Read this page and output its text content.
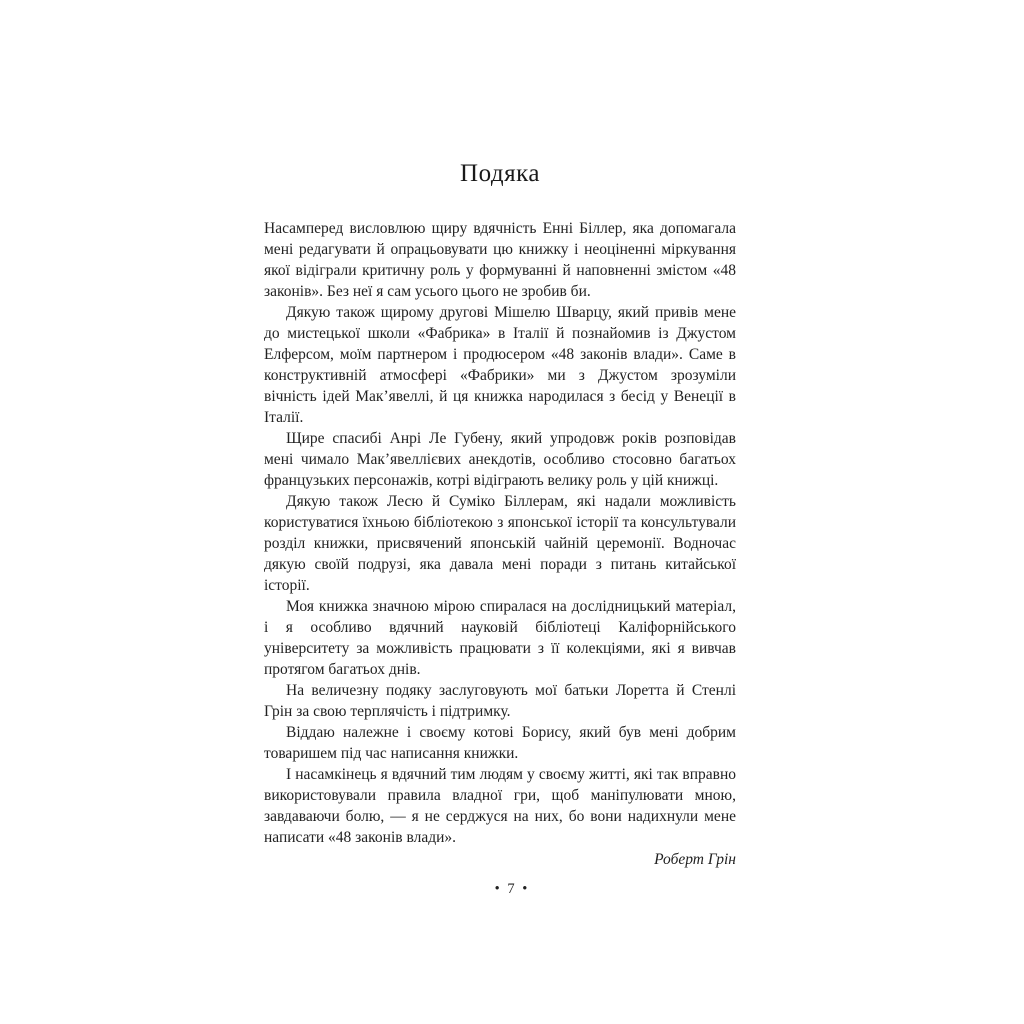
Подяка

Насамперед висловлюю щиру вдячність Енні Біллер, яка допомагала мені редагувати й опрацьовувати цю книжку і неоціненні міркування якої відіграли критичну роль у формуванні й наповненні змістом «48 законів». Без неї я сам усього цього не зробив би.

Дякую також щирому другові Мішелю Шварцу, який привів мене до мистецької школи «Фабрика» в Італії й познайомив із Джустом Елферсом, моїм партнером і продюсером «48 законів влади». Саме в конструктивній атмосфері «Фабрики» ми з Джустом зрозуміли вічність ідей Мак’явеллі, й ця книжка народилася з бесід у Венеції в Італії.

Щире спасибі Анрі Ле Губену, який упродовж років розповідав мені чимало Мак’явеллієвих анекдотів, особливо стосовно багатьох французьких персонажів, котрі відіграють велику роль у цій книжці.

Дякую також Лесю й Суміко Біллерам, які надали можливість користуватися їхньою бібліотекою з японської історії та консультували розділ книжки, присвячений японській чайній церемонії. Водночас дякую своїй подрузі, яка давала мені поради з питань китайської історії.

Моя книжка значною мірою спиралася на дослідницький матеріал, і я особливо вдячний науковій бібліотеці Каліфорнійського університету за можливість працювати з її колекціями, які я вивчав протягом багатьох днів.

На величезну подяку заслуговують мої батьки Лоретта й Стенлі Грін за свою терплячість і підтримку.

Віддаю належне і своєму котові Борису, який був мені добрим товаришем під час написання книжки.

І насамкінець я вдячний тим людям у своєму житті, які так вправно використовували правила владної гри, щоб маніпулювати мною, завдаваючи болю, — я не серджуся на них, бо вони надихнули мене написати «48 законів влади».

Роберт Грін
• 7 •
